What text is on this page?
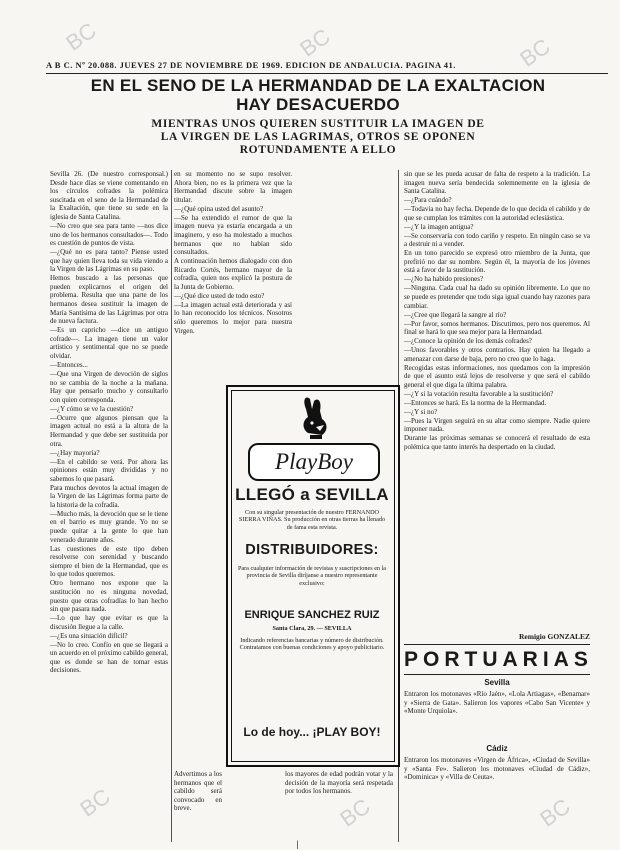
BC	BC	BC
BC	BC	BC
A B C. Nº 20.088. JUEVES 27 DE NOVIEMBRE DE 1969. EDICION DE ANDALUCIA. PAGINA 41.
EN EL SENO DE LA HERMANDAD DE LA EXALTACION
HAY DESACUERDO
MIENTRAS UNOS QUIEREN SUSTITUIR LA IMAGEN DE
LA VIRGEN DE LAS LAGRIMAS, OTROS SE OPONEN
ROTUNDAMENTE A ELLO

Sevilla 26. (De nuestro corresponsal.) Desde hace días se viene comentando en los círculos cofrades la polémica suscitada en el seno de la Hermandad de la Exaltación, que tiene su sede en la iglesia de Santa Catalina.

—No creo que sea para tanto —nos dice uno de los hermanos consultados—. Todo es cuestión de puntos de vista.

—¿Qué no es para tanto? Piense usted que hay quien lleva toda su vida viendo a la Virgen de las Lágrimas en su paso.

Hemos buscado a las personas que pueden explicarnos el origen del problema. Resulta que una parte de los hermanos desea sustituir la imagen de María Santísima de las Lágrimas por otra de nueva factura.

—Es un capricho —dice un antiguo cofrade—. La imagen tiene un valor artístico y sentimental que no se puede olvidar.

—Entonces...

—Que una Virgen de devoción de siglos no se cambia de la noche a la mañana. Hay que pensarlo mucho y consultarlo con quien corresponda.

—¿Y cómo se ve la cuestión?

—Ocurre que algunos piensan que la imagen actual no está a la altura de la Hermandad y que debe ser sustituida por otra.

—¿Hay mayoría?

—En el cabildo se verá. Por ahora las opiniones están muy divididas y no sabemos lo que pasará.

Para muchos devotos la actual imagen de la Virgen de las Lágrimas forma parte de la historia de la cofradía.

—Mucho más, la devoción que se le tiene en el barrio es muy grande. Yo no se puede quitar a la gente lo que han venerado durante años.

Las cuestiones de este tipo deben resolverse con serenidad y buscando siempre el bien de la Hermandad, que es lo que todos queremos.

Otro hermano nos expone que la sustitución no es ninguna novedad, puesto que otras cofradías lo han hecho sin que pasara nada.

—Lo que hay que evitar es que la discusión llegue a la calle.

—¿Es una situación difícil?

—No lo creo. Confío en que se llegará a un acuerdo en el próximo cabildo general, que es donde se han de tomar estas decisiones.

en su momento no se supo resolver. Ahora bien, no es la primera vez que la Hermandad discute sobre la imagen titular.

—¿Qué opina usted del asunto?

—Se ha extendido el rumor de que la imagen nueva ya estaría encargada a un imaginero, y eso ha molestado a muchos hermanos que no habían sido consultados.

A continuación hemos dialogado con don Ricardo Cortés, hermano mayor de la cofradía, quien nos explicó la postura de la Junta de Gobierno.

—¿Qué dice usted de todo esto?

—La imagen actual está deteriorada y así lo han reconocido los técnicos. Nosotros sólo queremos lo mejor para nuestra Virgen.

sin que se les pueda acusar de falta de respeto a la tradición. La imagen nueva sería bendecida solemnemente en la iglesia de Santa Catalina.

—¿Para cuándo?

—Todavía no hay fecha. Depende de lo que decida el cabildo y de que se cumplan los trámites con la autoridad eclesiástica.

—¿Y la imagen antigua?

—Se conservaría con todo cariño y respeto. En ningún caso se va a destruir ni a vender.

En un tono parecido se expresó otro miembro de la Junta, que prefirió no dar su nombre. Según él, la mayoría de los jóvenes está a favor de la sustitución.

—¿No ha habido presiones?

—Ninguna. Cada cual ha dado su opinión libremente. Lo que no se puede es pretender que todo siga igual cuando hay razones para cambiar.

—¿Cree que llegará la sangre al río?

—Por favor, somos hermanos. Discutimos, pero nos queremos. Al final se hará lo que sea mejor para la Hermandad.

—¿Conoce la opinión de los demás cofrades?

—Unos favorables y otros contrarios. Hay quien ha llegado a amenazar con darse de baja, pero no creo que lo haga.

Recogidas estas informaciones, nos quedamos con la impresión de que el asunto está lejos de resolverse y que será el cabildo general el que diga la última palabra.

—¿Y si la votación resulta favorable a la sustitución?

—Entonces se hará. Es la norma de la Hermandad.

—¿Y si no?

—Pues la Virgen seguirá en su altar como siempre. Nadie quiere imponer nada.

Durante las próximas semanas se conocerá el resultado de esta polémica que tanto interés ha despertado en la ciudad.

Advertimos a los hermanos que el cabildo será convocado en breve.

los mayores de edad podrán votar y la decisión de la mayoría será respetada por todos los hermanos.

PlayBoy
LLEGÓ a SEVILLA
Con su singular presentación de nuestro FERNANDO SIERRA VIÑAS. Su producción en otras tierras ha llenado de fama esta revista.
DISTRIBUIDORES:
Para cualquier información de revistas y suscripciones en la provincia de Sevilla diríjanse a nuestro representante exclusivo:
ENRIQUE SANCHEZ RUIZ
Santa Clara, 29. — SEVILLA
Indicando referencias bancarias y número de distribución. Contratamos con buenas condiciones y apoyo publicitario.
Lo de hoy... ¡PLAY BOY!
Remigio GONZALEZ
PORTUARIAS
Sevilla
Entraron los motonaves «Río Jaén», «Lola Artiagas», «Benamar» y «Sierra de Gata». Salieron los vapores «Cabo San Vicente» y «Monte Urquiola».
Cádiz
Entraron los motonaves «Virgen de África», «Ciudad de Sevilla» y «Santa Fe». Salieron los motonaves «Ciudad de Cádiz», «Dominica» y «Villa de Ceuta».
|
